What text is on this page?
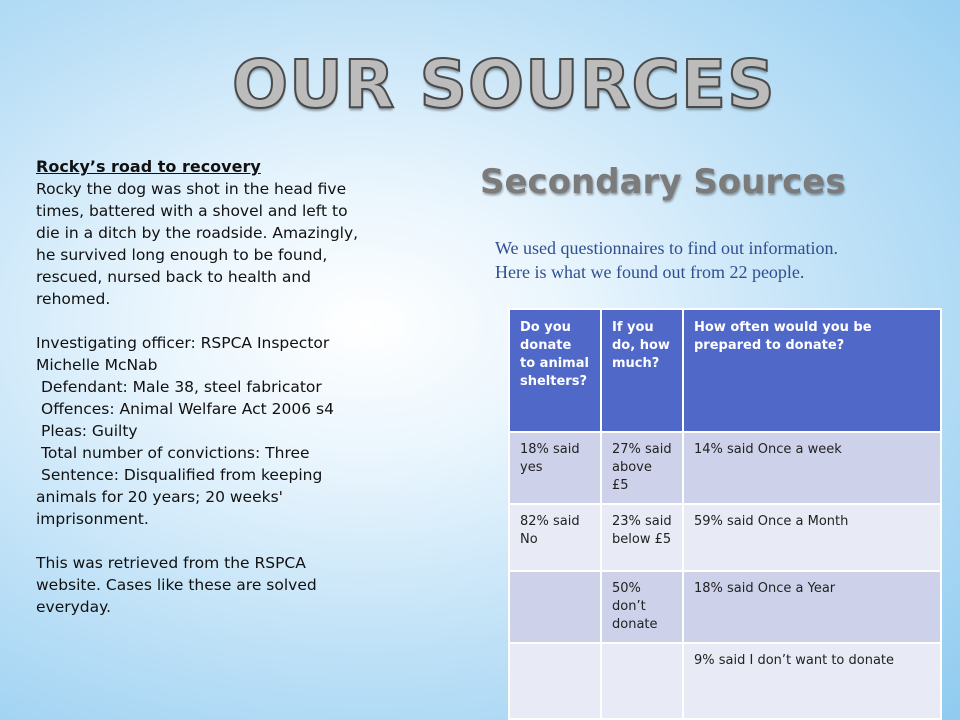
OUR SOURCES
Secondary Sources

Rocky’s road to recovery

Rocky the dog was shot in the head five times, battered with a shovel and left to die in a ditch by the roadside. Amazingly, he survived long enough to be found, rescued, nursed back to health and rehomed.

Investigating officer: RSPCA Inspector Michelle McNab

Defendant: Male 38, steel fabricator

Offences: Animal Welfare Act 2006 s4

Pleas: Guilty

Total number of convictions: Three

Sentence: Disqualified from keeping animals for 20 years; 20 weeks' imprisonment.

This was retrieved from the RSPCA website. Cases like these are solved everyday.

We used questionnaires to find out information. Here is what we found out from 22 people.

Do you donate to animal shelters?	If you do, how much?	How often would you be prepared to donate?
18% said yes	27% said above £5	14% said Once a week
82% said No	23% said below £5	59% said Once a Month
	50% don’t donate	18% said Once a Year
		9% said I don’t want to donate
